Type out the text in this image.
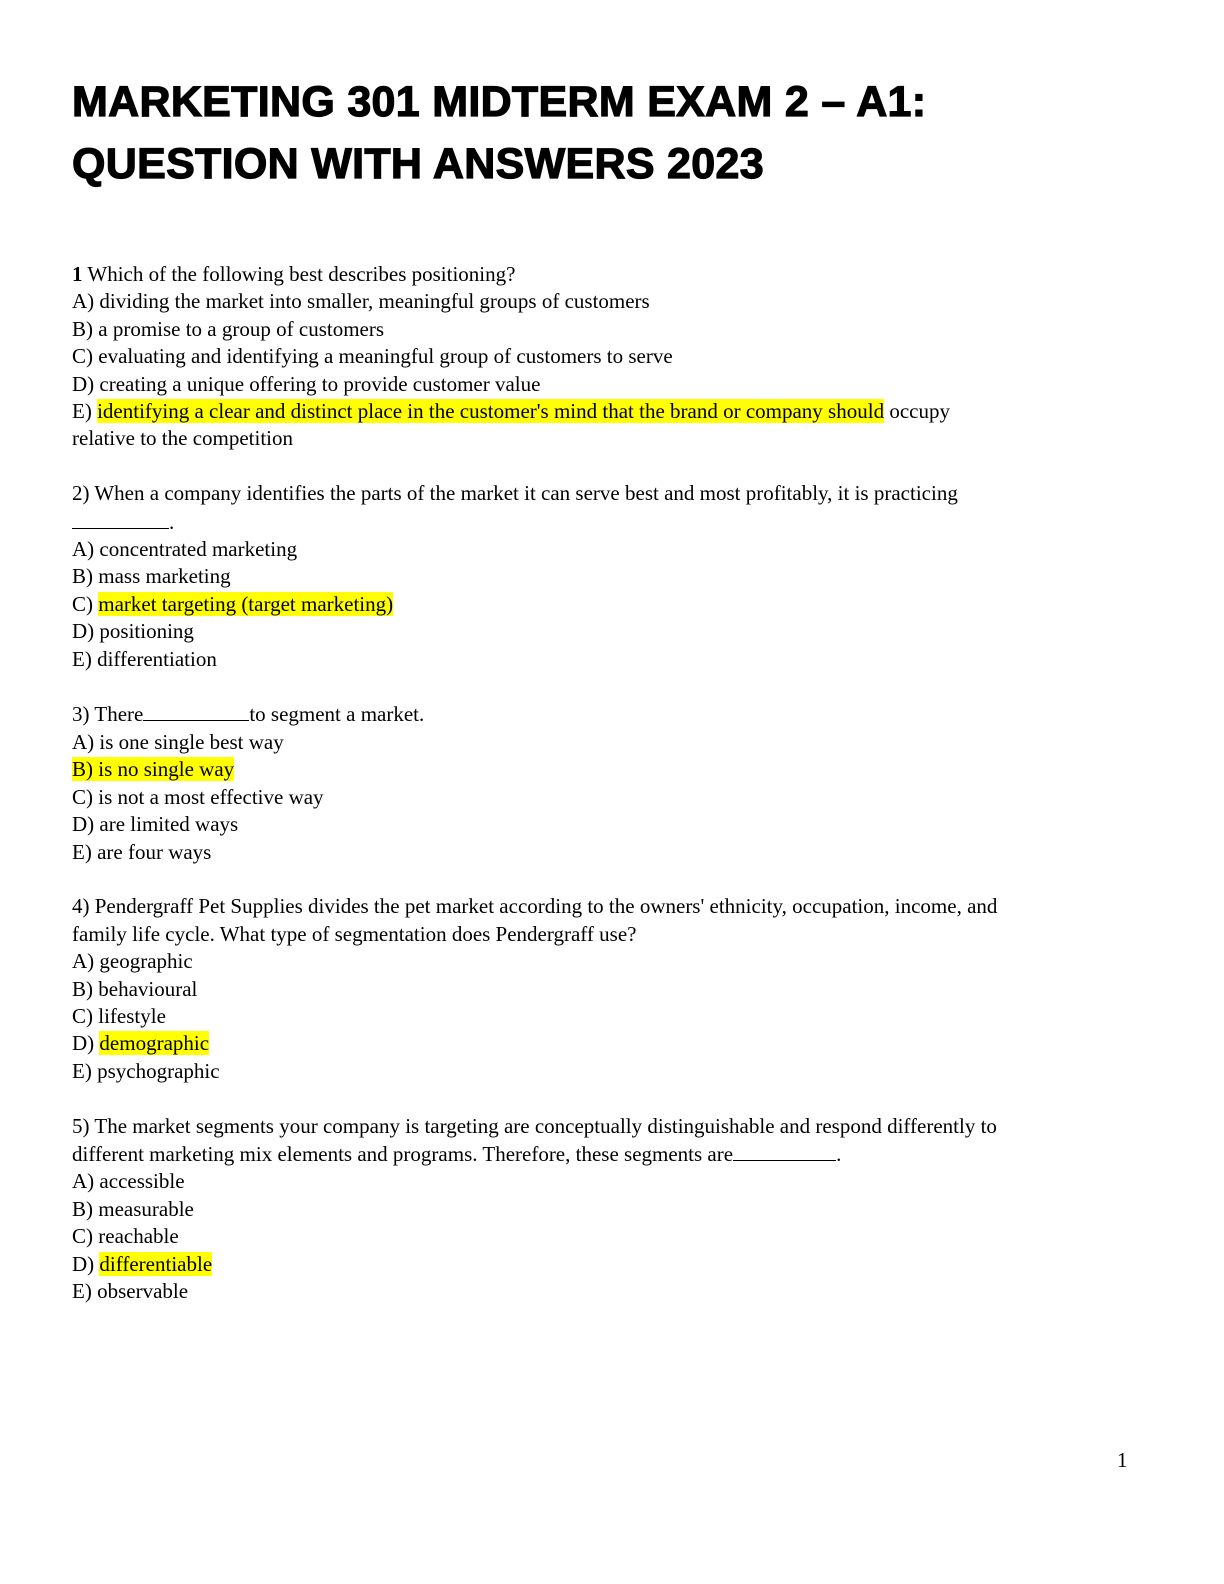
MARKETING 301 MIDTERM EXAM 2 – A1:
QUESTION WITH ANSWERS 2023
1 Which of the following best describes positioning?
A) dividing the market into smaller, meaningful groups of customers
B) a promise to a group of customers
C) evaluating and identifying a meaningful group of customers to serve
D) creating a unique offering to provide customer value
E) identifying a clear and distinct place in the customer's mind that the brand or company should occupy
relative to the competition
2) When a company identifies the parts of the market it can serve best and most profitably, it is practicing
.
A) concentrated marketing
B) mass marketing
C) market targeting (target marketing)
D) positioning
E) differentiation
3) There	to segment a market.
A) is one single best way
B) is no single way
C) is not a most effective way
D) are limited ways
E) are four ways
4) Pendergraff Pet Supplies divides the pet market according to the owners' ethnicity, occupation, income, and
family life cycle. What type of segmentation does Pendergraff use?
A) geographic
B) behavioural
C) lifestyle
D) demographic
E) psychographic
5) The market segments your company is targeting are conceptually distinguishable and respond differently to
different marketing mix elements and programs. Therefore, these segments are	.
A) accessible
B) measurable
C) reachable
D) differentiable
E) observable
1
